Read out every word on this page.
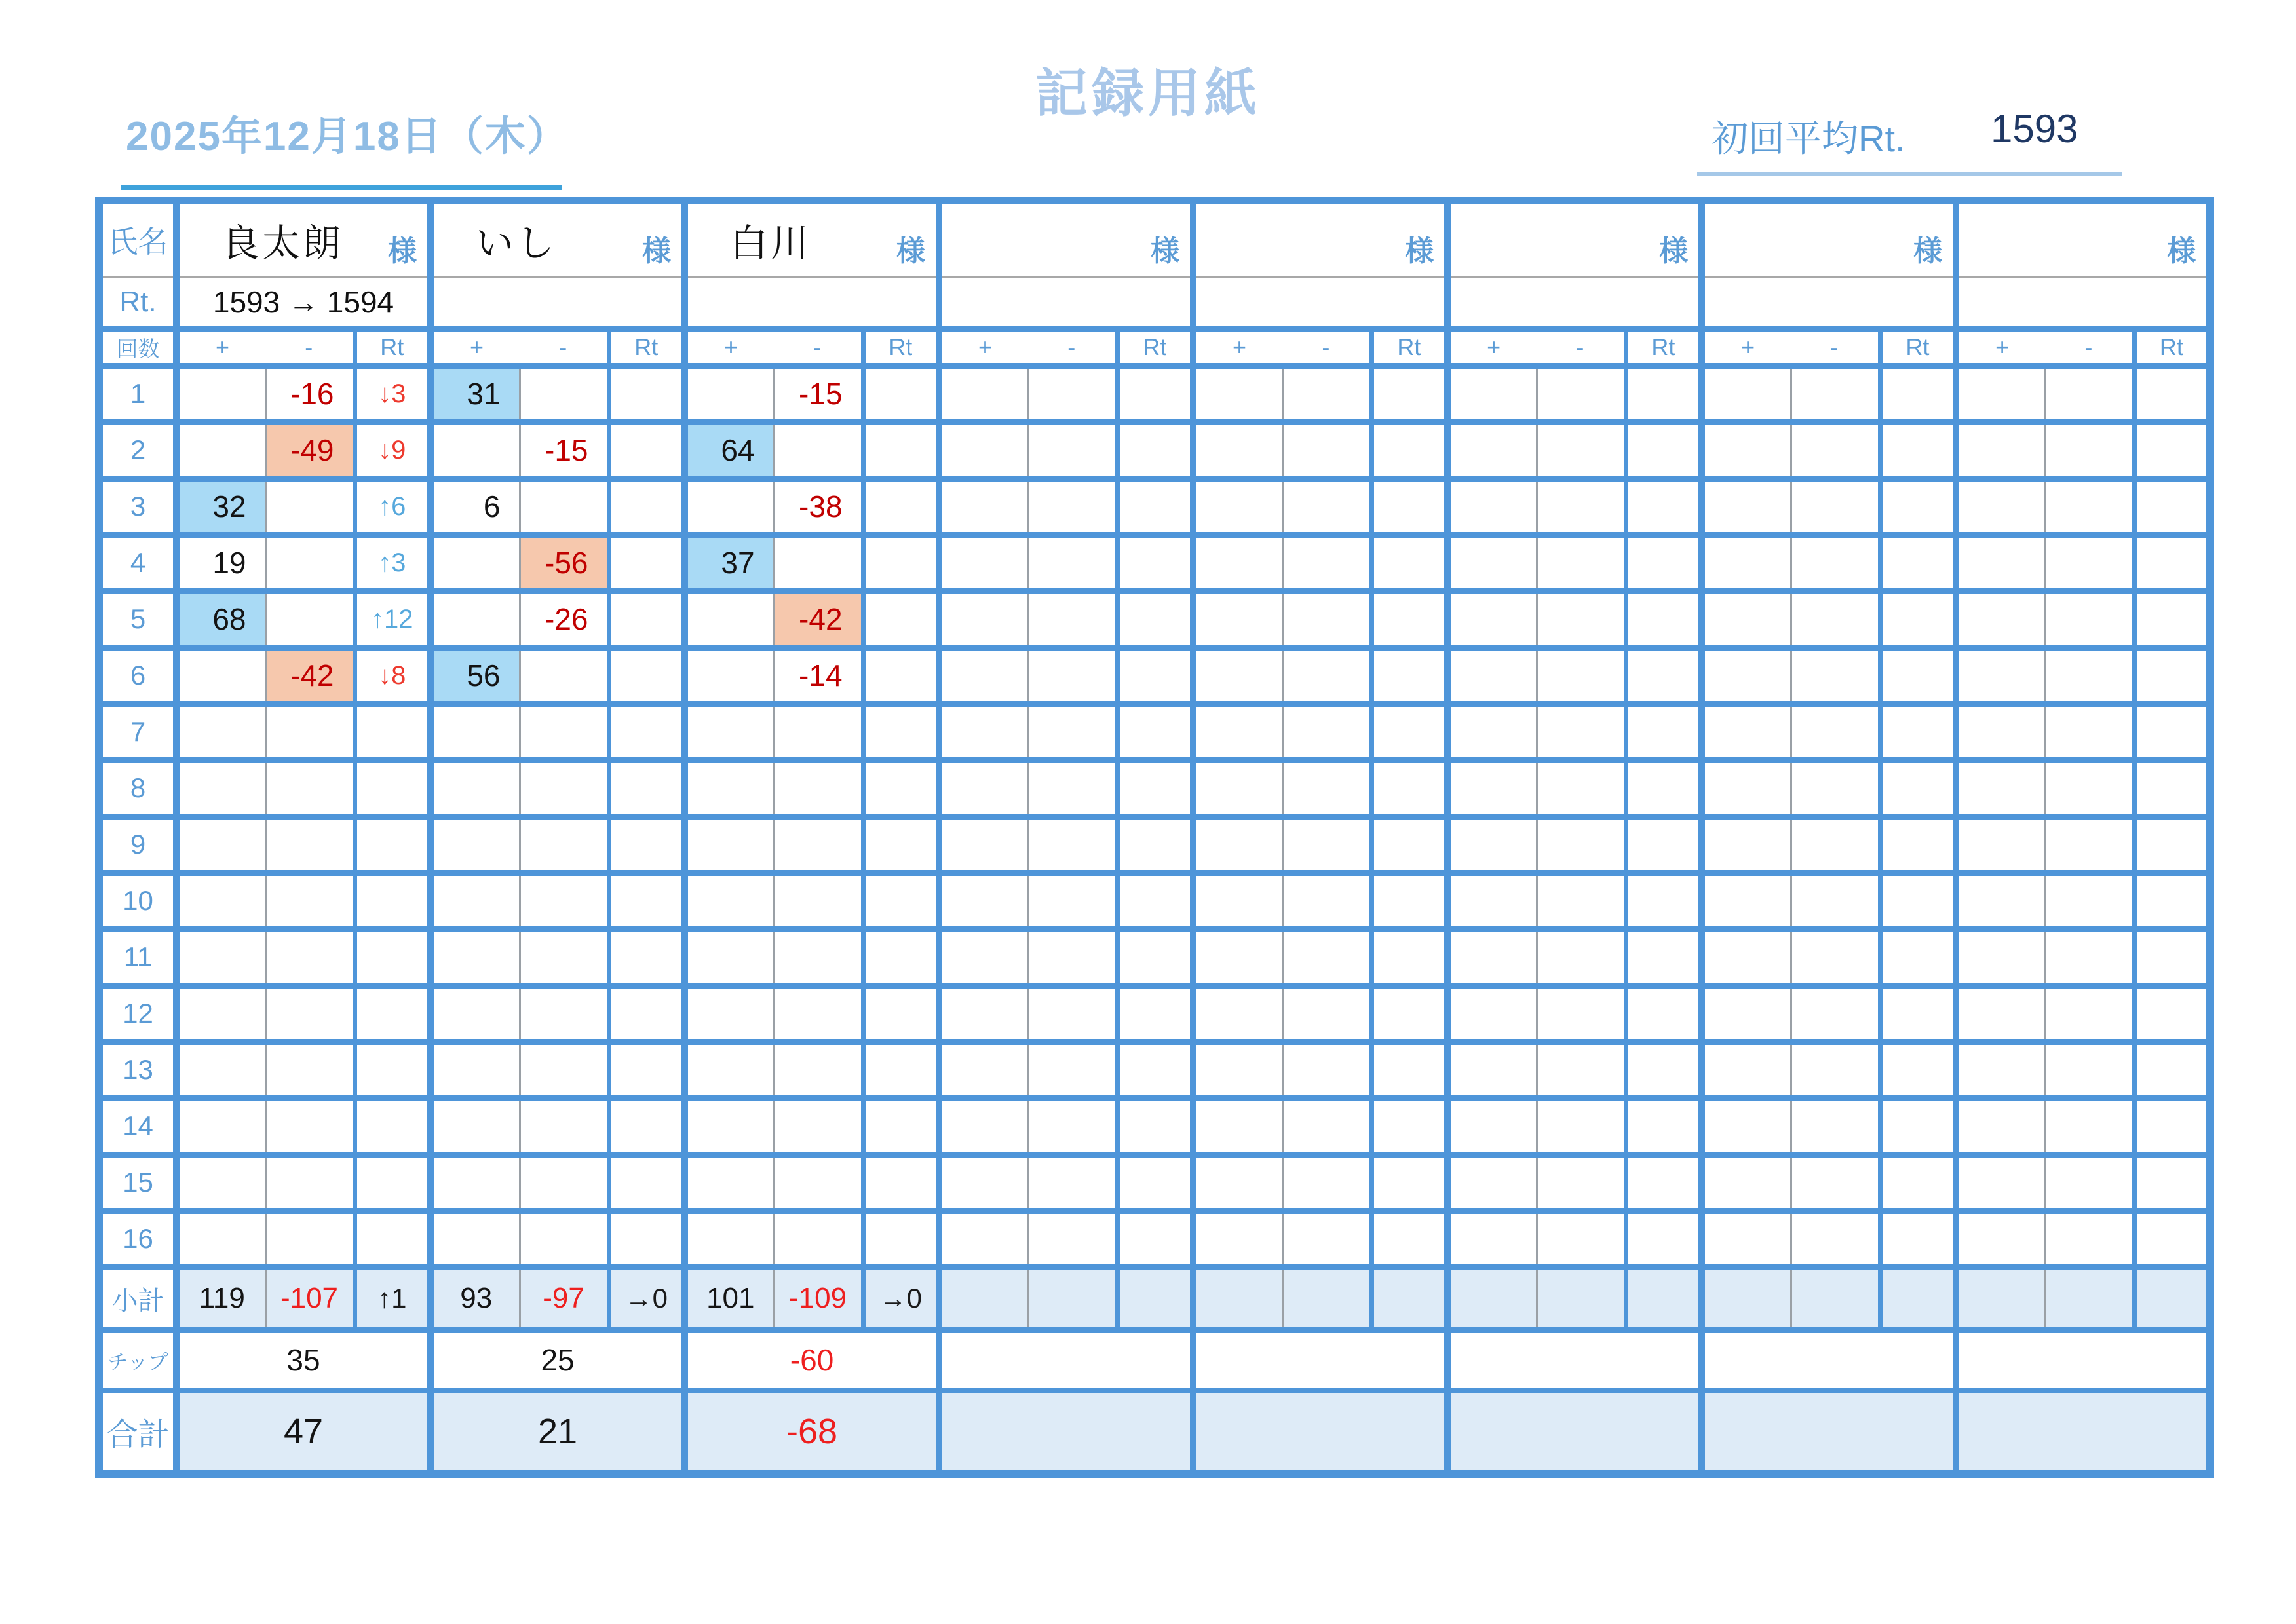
記録用紙
2025年12月18日（木）	初回平均Rt. 1593
氏名	良太朗 様			いし 様			白川 様			様			様			様			様			様		

Rt.	1593 → 1594																							
回数	+	-	Rt	+	-	Rt	+	-	Rt	+	-	Rt	+	-	Rt	+	-	Rt	+	-	Rt	+	-	Rt
1		-16	↓3	31				-15																
2		-49	↓9		-15		64																	
3	32		↑6	6				-38																
4	19		↑3		-56		37																	
5	68		↑12		-26			-42																
6		-42	↓8	56				-14																
7																								
8																								
9																								
10																								
11																								
12																								
13																								
14																								
15																								
16																								
小計	119	-107	↑1	93	-97	→0	101	-109	→0															
チップ	35			25			-60																	
合計	47			21			-68																	
